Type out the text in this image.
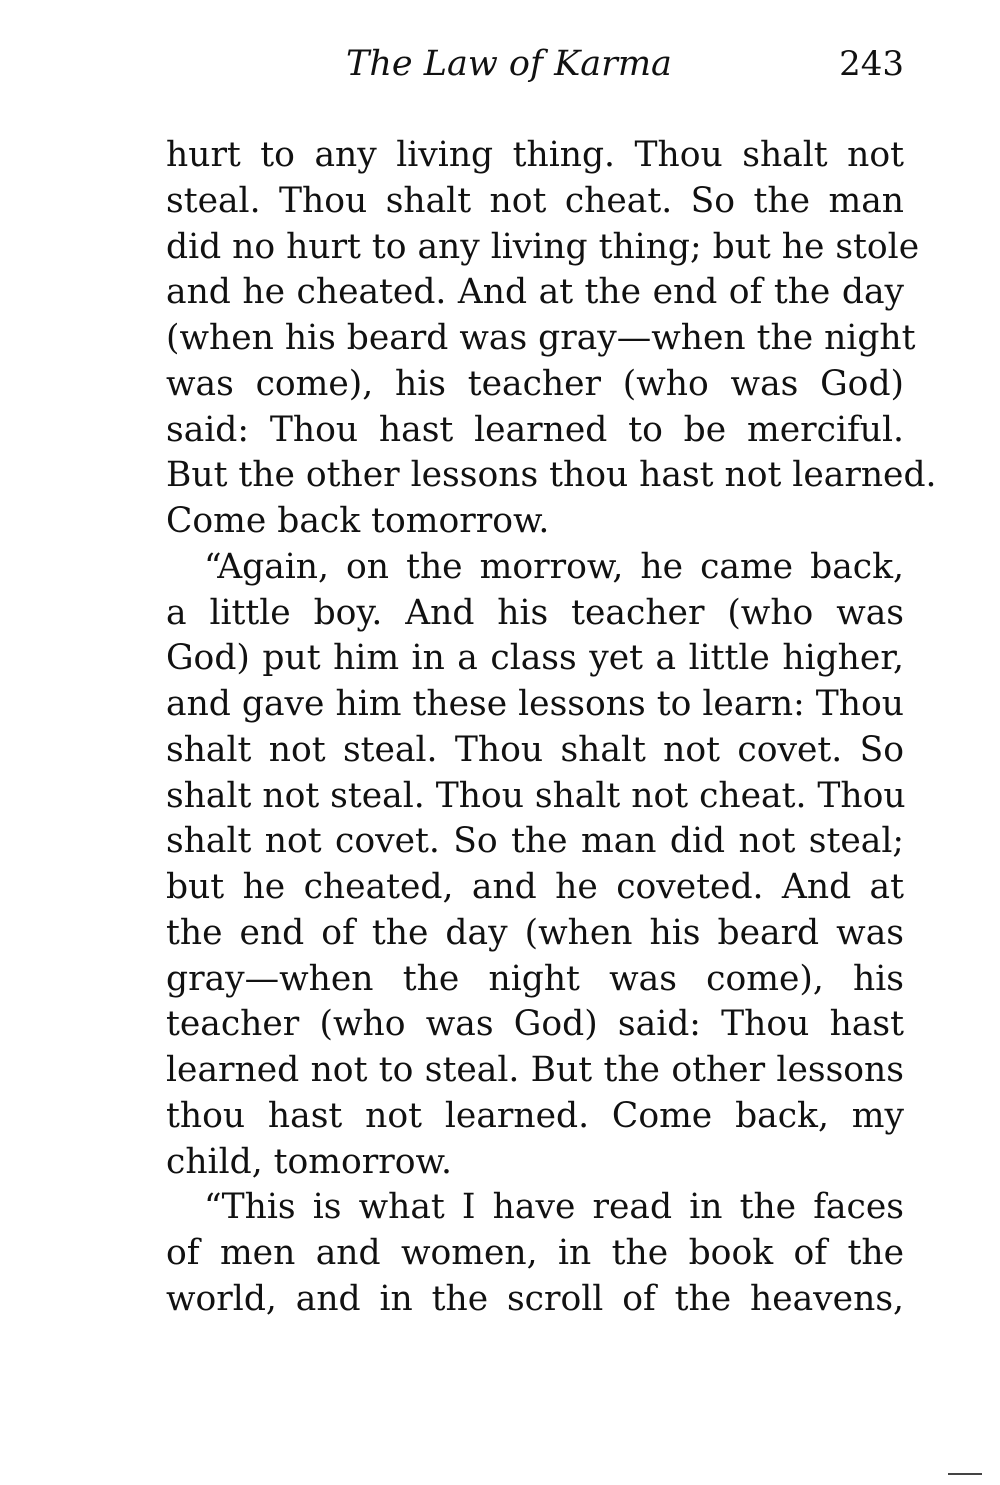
The Law of Karma	243
hurt to any living thing. Thou shalt not
steal. Thou shalt not cheat. So the man
did no hurt to any living thing; but he stole
and he cheated. And at the end of the day
(when his beard was gray—when the night
was come), his teacher (who was God)
said: Thou hast learned to be merciful.
But the other lessons thou hast not learned.
Come back tomorrow.
“Again, on the morrow, he came back,
a little boy. And his teacher (who was
God) put him in a class yet a little higher,
and gave him these lessons to learn: Thou
shalt not steal. Thou shalt not covet. So
shalt not steal. Thou shalt not cheat. Thou
shalt not covet. So the man did not steal;
but he cheated, and he coveted. And at
the end of the day (when his beard was
gray—when the night was come), his
teacher (who was God) said: Thou hast
learned not to steal. But the other lessons
thou hast not learned. Come back, my
child, tomorrow.
“This is what I have read in the faces
of men and women, in the book of the
world, and in the scroll of the heavens,
